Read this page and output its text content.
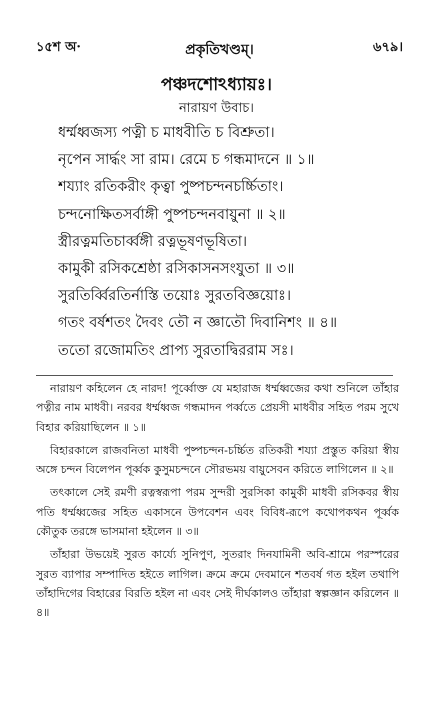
১৫শ অ·	প্রকৃতিখণ্ডম্।	৬৭৯।
পঞ্চদশোঽধ্যায়ঃ।
নারায়ণ উবাচ।
ধর্ম্মধ্বজস্য পত্নী চ মাধবীতি চ বিশ্রুতা।
নৃপেন সার্দ্ধং সা রাম। রেমে চ গন্ধমাদনে ॥ ১॥
শয্যাং রতিকরীং কৃত্বা পুষ্পচন্দনচর্চ্চিতাং।
চন্দনোক্ষিতসর্বাঙ্গী পুষ্পচন্দনবায়ুনা ॥ ২॥
স্ত্রীরত্নমতিচার্ব্বঙ্গী রত্নভূষণভূষিতা।
কামুকী রসিকশ্রেষ্ঠা রসিকাসনসংযুতা ॥ ৩॥
সুরতির্ব্বিরতির্নাস্তি তয়োঃ সুরতবিজ্ঞয়োঃ।
গতং বর্ষশতং দৈবং তৌ ন জ্ঞাতৌ দিবানিশং ॥ ৪॥
ততো রজোমতিং প্রাপ্য সুরতাদ্বিররাম সঃ।

নারায়ণ কহিলেন হে নারদ! পূর্ব্বোক্ত যে মহারাজ ধর্ম্মধ্বজের কথা শুনিলে তাঁহার পত্নীর নাম মাধবী। নরবর ধর্ম্মধ্বজ গন্ধমাদন পর্ব্বতে প্রেয়সী মাধবীর সহিত পরম সুখে বিহার করিয়াছিলেন ॥ ১॥

বিহারকালে রাজবনিতা মাধবী পুষ্পচন্দন-চর্চ্চিত রতিকরী শয্যা প্রস্তুত করিয়া স্বীয় অঙ্গে চন্দন বিলেপন পূর্ব্বক কুসুমচন্দনে সৌরভময় বায়ুসেবন করিতে লাগিলেন ॥ ২॥

তৎকালে সেই রমণী রত্নস্বরূপা পরম সুন্দরী সুরসিকা কামুকী মাধবী রসিকবর স্বীয় পতি ধর্ম্মধ্বজের সহিত একাসনে উপবেশন এবং বিবিধ-রূপে কথোপকথন পূর্ব্বক কৌতুক তরঙ্গে ভাসমানা হইলেন ॥ ৩॥

তাঁহারা উভয়েই সুরত কার্য্যে সুনিপুণ, সুতরাং দিনযামিনী অবি-শ্রামে পরস্পরের সুরত ব্যাপার সম্পাদিত হইতে লাগিল। ক্রমে ক্রমে দেবমানে শতবর্ষ গত হইল তথাপি তাঁহাদিগের বিহারের বিরতি হইল না এবং সেই দীর্ঘকালও তাঁহারা স্বল্পজ্ঞান করিলেন ॥ ৪॥
